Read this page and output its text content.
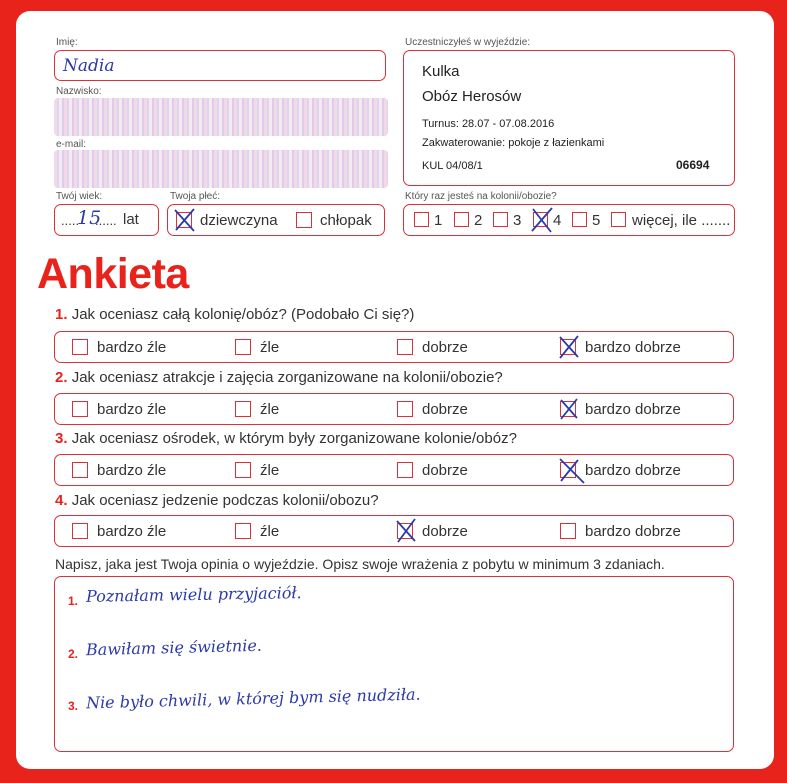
Imię:
Nadia
Nazwisko:
e-mail:
Twój wiek:
.....
15
...... lat
Twoja płeć:
dziewczyna	chłopak
Uczestniczyłeś w wyjeździe:
Kulka
Obóz Herosów
Turnus: 28.07 - 07.08.2016
Zakwaterowanie: pokoje z łazienkami
KUL 04/08/1	06694
Który raz jesteś na kolonii/obozie?
1 2 3 4 5 więcej, ile .......
Ankieta
1. Jak oceniasz całą kolonię/obóz? (Podobało Ci się?)
bardzo źle	źle	dobrze	bardzo dobrze
2. Jak oceniasz atrakcje i zajęcia zorganizowane na kolonii/obozie?
bardzo źle	źle	dobrze	bardzo dobrze
3. Jak oceniasz ośrodek, w którym były zorganizowane kolonie/obóz?
bardzo źle	źle	dobrze	bardzo dobrze
4. Jak oceniasz jedzenie podczas kolonii/obozu?
bardzo źle	źle	dobrze	bardzo dobrze
Napisz, jaka jest Twoja opinia o wyjeździe. Opisz swoje wrażenia z pobytu w minimum 3 zdaniach.
1. Poznałam wielu przyjaciół.
2. Bawiłam się świetnie.
3. Nie było chwili, w której bym się nudziła.
